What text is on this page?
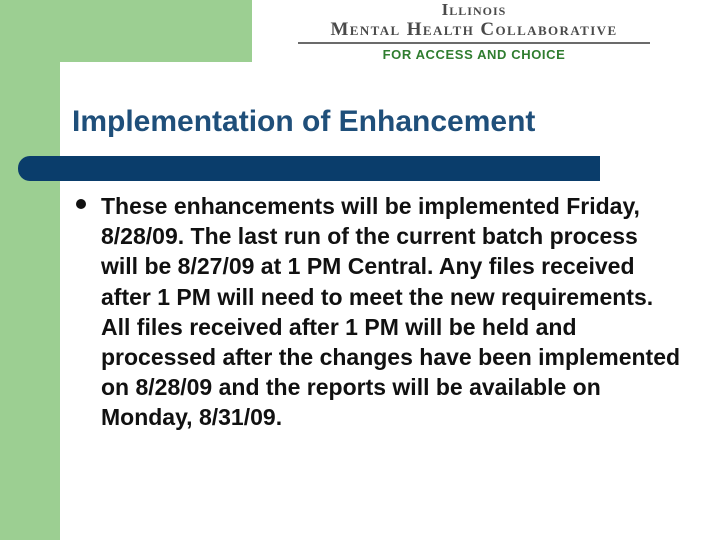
Illinois
Mental Health Collaborative
FOR ACCESS AND CHOICE
Implementation of Enhancement

These enhancements will be implemented Friday, 8/28/09. The last run of the current batch process will be 8/27/09 at 1 PM Central. Any files received after 1 PM will need to meet the new requirements. All files received after 1 PM will be held and processed after the changes have been implemented on 8/28/09 and the reports will be available on Monday, 8/31/09.
